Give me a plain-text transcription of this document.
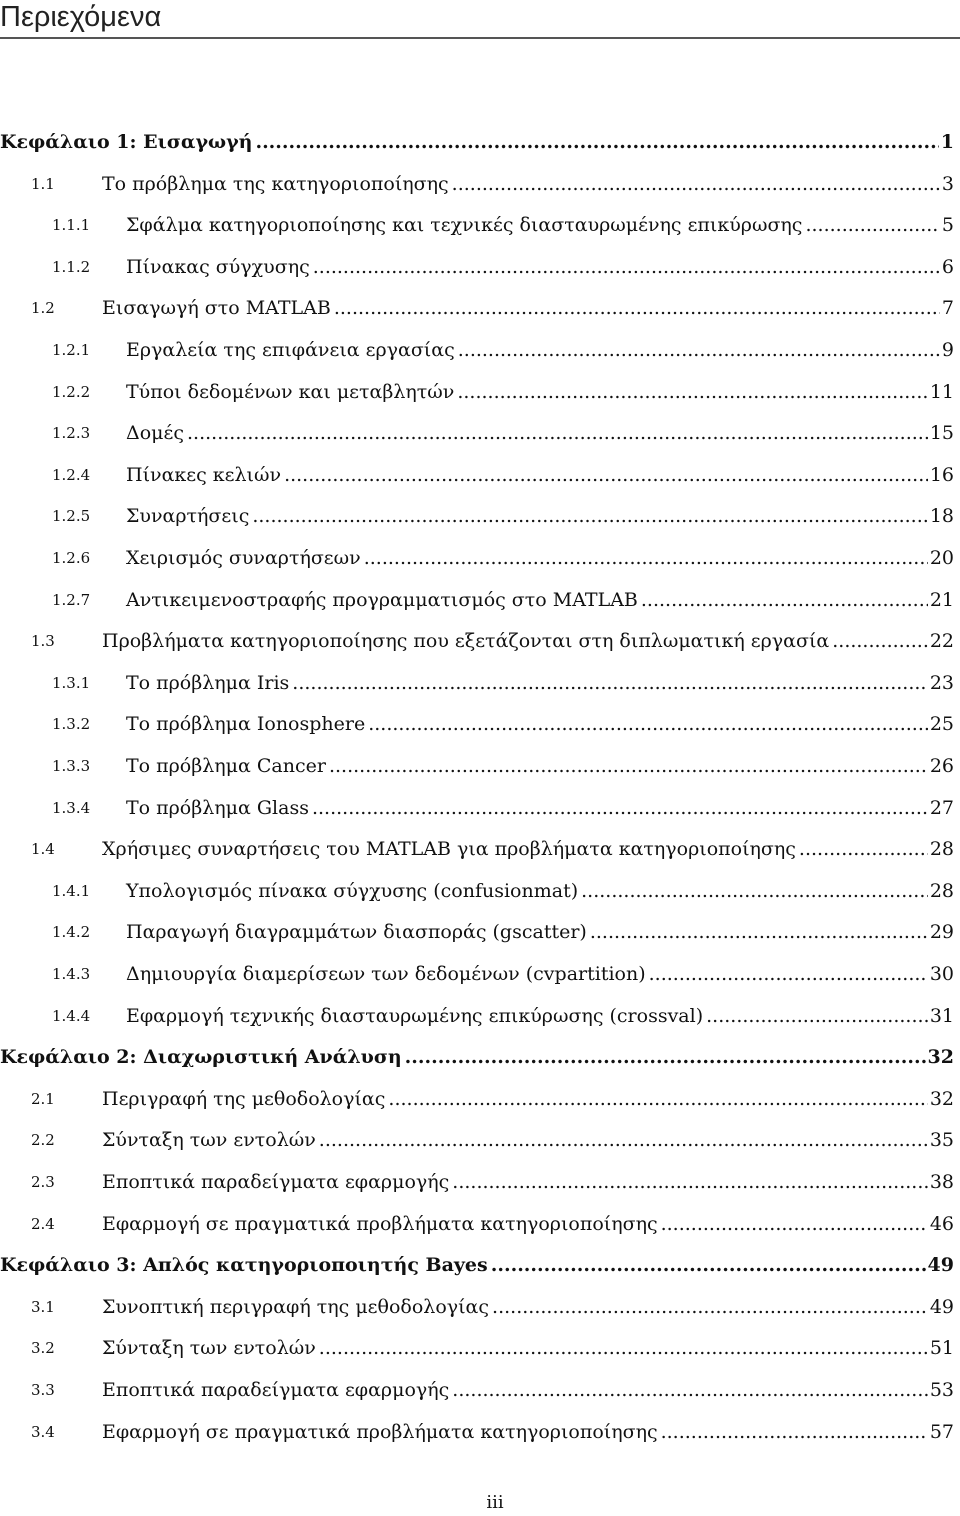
Περιεχόμενα
Κεφάλαιο 1: Εισαγωγή .....	1
1.1 Το πρόβλημα της κατηγοριοποίησης .....	3
1.1.1 Σφάλμα κατηγοριοποίησης και τεχνικές διασταυρωμένης επικύρωσης .....	5
1.1.2 Πίνακας σύγχυσης .....	6
1.2 Εισαγωγή στο MATLAB .....	7
1.2.1 Εργαλεία της επιφάνεια εργασίας .....	9
1.2.2 Τύποι δεδομένων και μεταβλητών .....	11
1.2.3 Δομές .....	15
1.2.4 Πίνακες κελιών .....	16
1.2.5 Συναρτήσεις .....	18
1.2.6 Χειρισμός συναρτήσεων .....	20
1.2.7 Αντικειμενοστραφής προγραμματισμός στο MATLAB .....	21
1.3 Προβλήματα κατηγοριοποίησης που εξετάζονται στη διπλωματική εργασία .....	22
1.3.1 Το πρόβλημα Iris .....	23
1.3.2 Το πρόβλημα Ionosphere .....	25
1.3.3 Το πρόβλημα Cancer .....	26
1.3.4 Το πρόβλημα Glass .....	27
1.4 Χρήσιμες συναρτήσεις του MATLAB για προβλήματα κατηγοριοποίησης .....	28
1.4.1 Υπολογισμός πίνακα σύγχυσης (confusionmat) .....	28
1.4.2 Παραγωγή διαγραμμάτων διασποράς (gscatter) .....	29
1.4.3 Δημιουργία διαμερίσεων των δεδομένων (cvpartition) .....	30
1.4.4 Εφαρμογή τεχνικής διασταυρωμένης επικύρωσης (crossval) .....	31
Κεφάλαιο 2: Διαχωριστική Ανάλυση .....	32
2.1 Περιγραφή της μεθοδολογίας .....	32
2.2 Σύνταξη των εντολών .....	35
2.3 Εποπτικά παραδείγματα εφαρμογής .....	38
2.4 Εφαρμογή σε πραγματικά προβλήματα κατηγοριοποίησης .....	46
Κεφάλαιο 3: Απλός κατηγοριοποιητής Bayes .....	49
3.1 Συνοπτική περιγραφή της μεθοδολογίας .....	49
3.2 Σύνταξη των εντολών .....	51
3.3 Εποπτικά παραδείγματα εφαρμογής .....	53
3.4 Εφαρμογή σε πραγματικά προβλήματα κατηγοριοποίησης .....	57
iii
